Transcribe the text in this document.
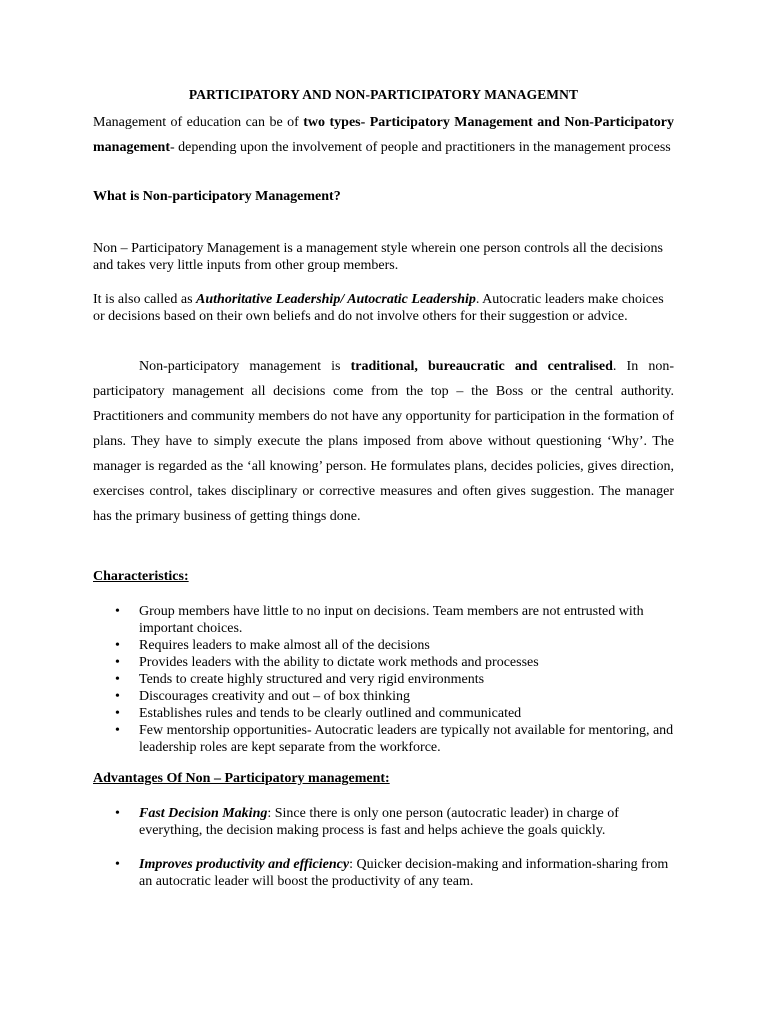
PARTICIPATORY AND NON-PARTICIPATORY MANAGEMNT

Management of education can be of two types- Participatory Management and Non-Participatory management- depending upon the involvement of people and practitioners in the management process

What is Non-participatory Management?

Non – Participatory Management is a management style wherein one person controls all the decisions and takes very little inputs from other group members.

It is also called as Authoritative Leadership/ Autocratic Leadership. Autocratic leaders make choices or decisions based on their own beliefs and do not involve others for their suggestion or advice.

Non-participatory management is traditional, bureaucratic and centralised. In non-participatory management all decisions come from the top – the Boss or the central authority. Practitioners and community members do not have any opportunity for participation in the formation of plans. They have to simply execute the plans imposed from above without questioning ‘Why’. The manager is regarded as the ‘all knowing’ person. He formulates plans, decides policies, gives direction, exercises control, takes disciplinary or corrective measures and often gives suggestion. The manager has the primary business of getting things done.

Characteristics:

• Group members have little to no input on decisions. Team members are not entrusted with important choices.
• Requires leaders to make almost all of the decisions
• Provides leaders with the ability to dictate work methods and processes
• Tends to create highly structured and very rigid environments
• Discourages creativity and out – of box thinking
• Establishes rules and tends to be clearly outlined and communicated
• Few mentorship opportunities- Autocratic leaders are typically not available for mentoring, and leadership roles are kept separate from the workforce.

Advantages Of Non – Participatory management:

• Fast Decision Making: Since there is only one person (autocratic leader) in charge of everything, the decision making process is fast and helps achieve the goals quickly.
• Improves productivity and efficiency: Quicker decision-making and information-sharing from an autocratic leader will boost the productivity of any team.
